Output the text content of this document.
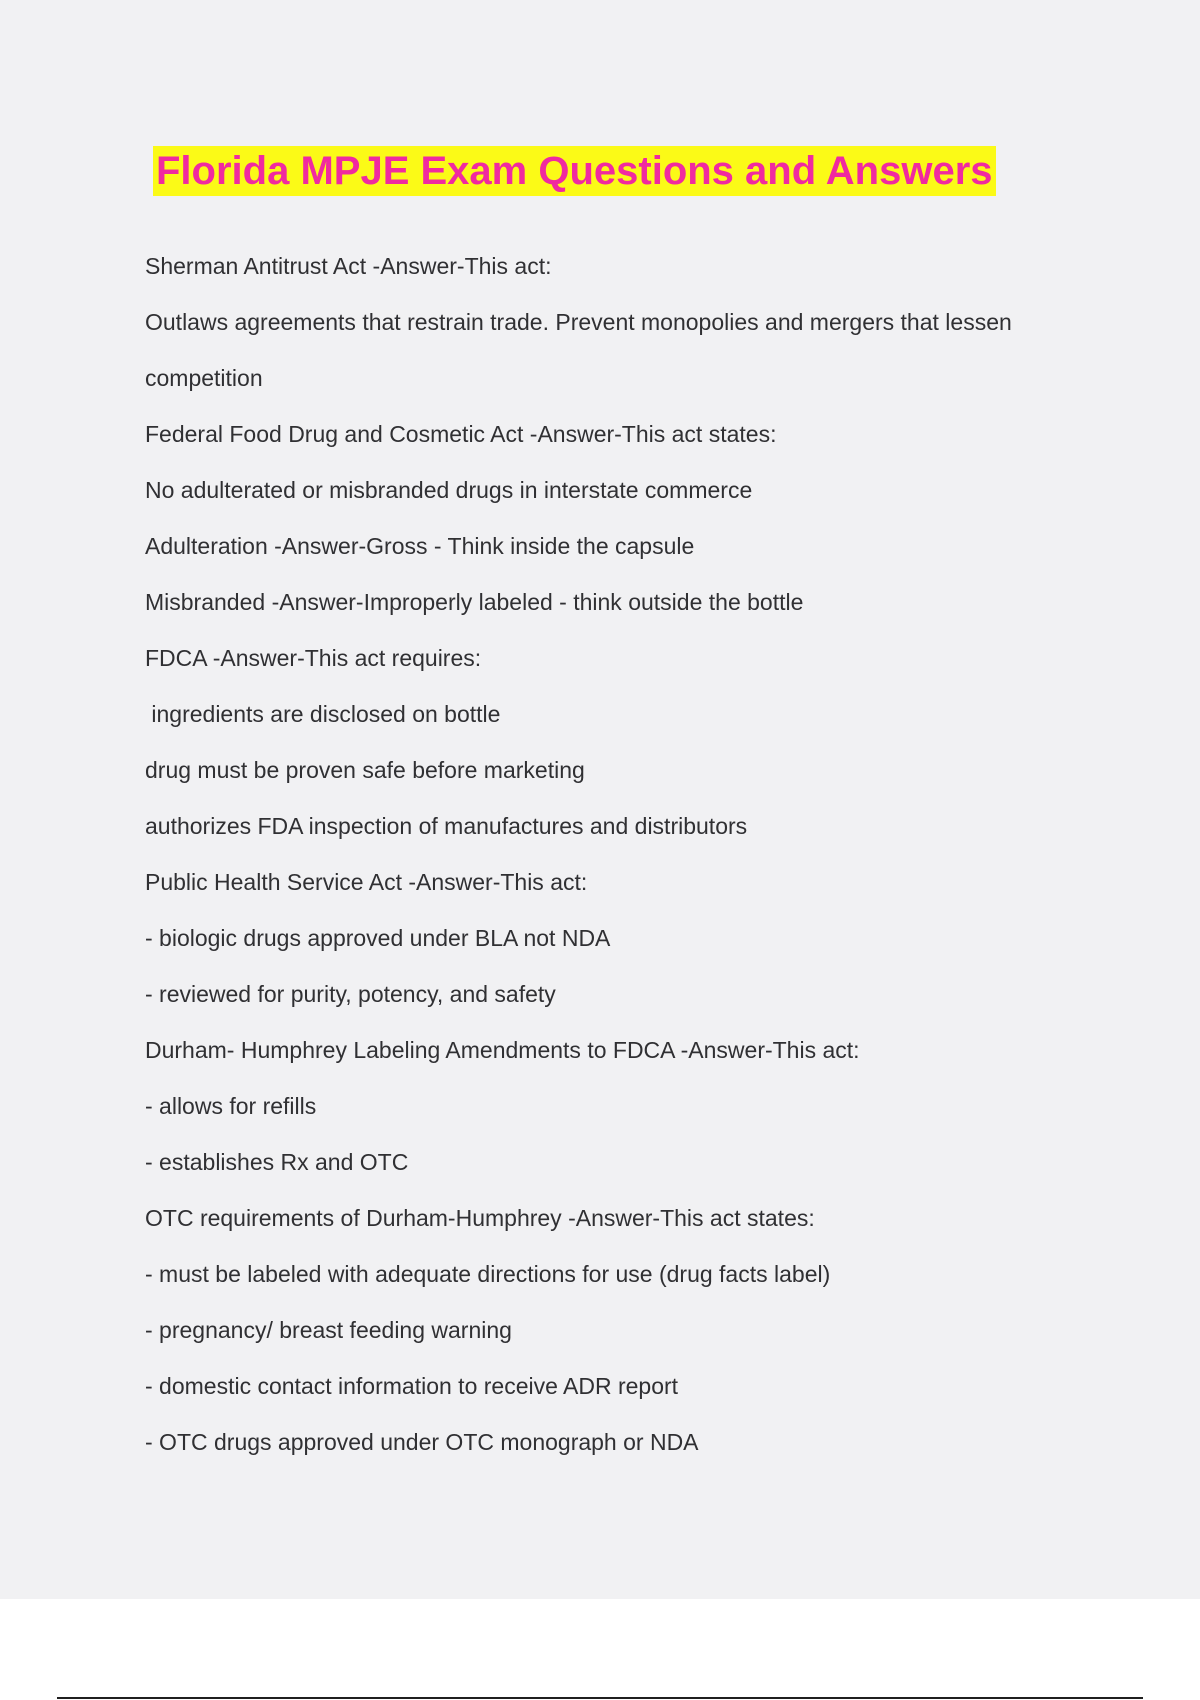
Florida MPJE Exam Questions and Answers
Sherman Antitrust Act -Answer-This act:
Outlaws agreements that restrain trade. Prevent monopolies and mergers that lessen
competition
Federal Food Drug and Cosmetic Act -Answer-This act states:
No adulterated or misbranded drugs in interstate commerce
Adulteration -Answer-Gross - Think inside the capsule
Misbranded -Answer-Improperly labeled - think outside the bottle
FDCA -Answer-This act requires:
ingredients are disclosed on bottle
drug must be proven safe before marketing
authorizes FDA inspection of manufactures and distributors
Public Health Service Act -Answer-This act:
- biologic drugs approved under BLA not NDA
- reviewed for purity, potency, and safety
Durham- Humphrey Labeling Amendments to FDCA -Answer-This act:
- allows for refills
- establishes Rx and OTC
OTC requirements of Durham-Humphrey -Answer-This act states:
- must be labeled with adequate directions for use (drug facts label)
- pregnancy/ breast feeding warning
- domestic contact information to receive ADR report
- OTC drugs approved under OTC monograph or NDA
